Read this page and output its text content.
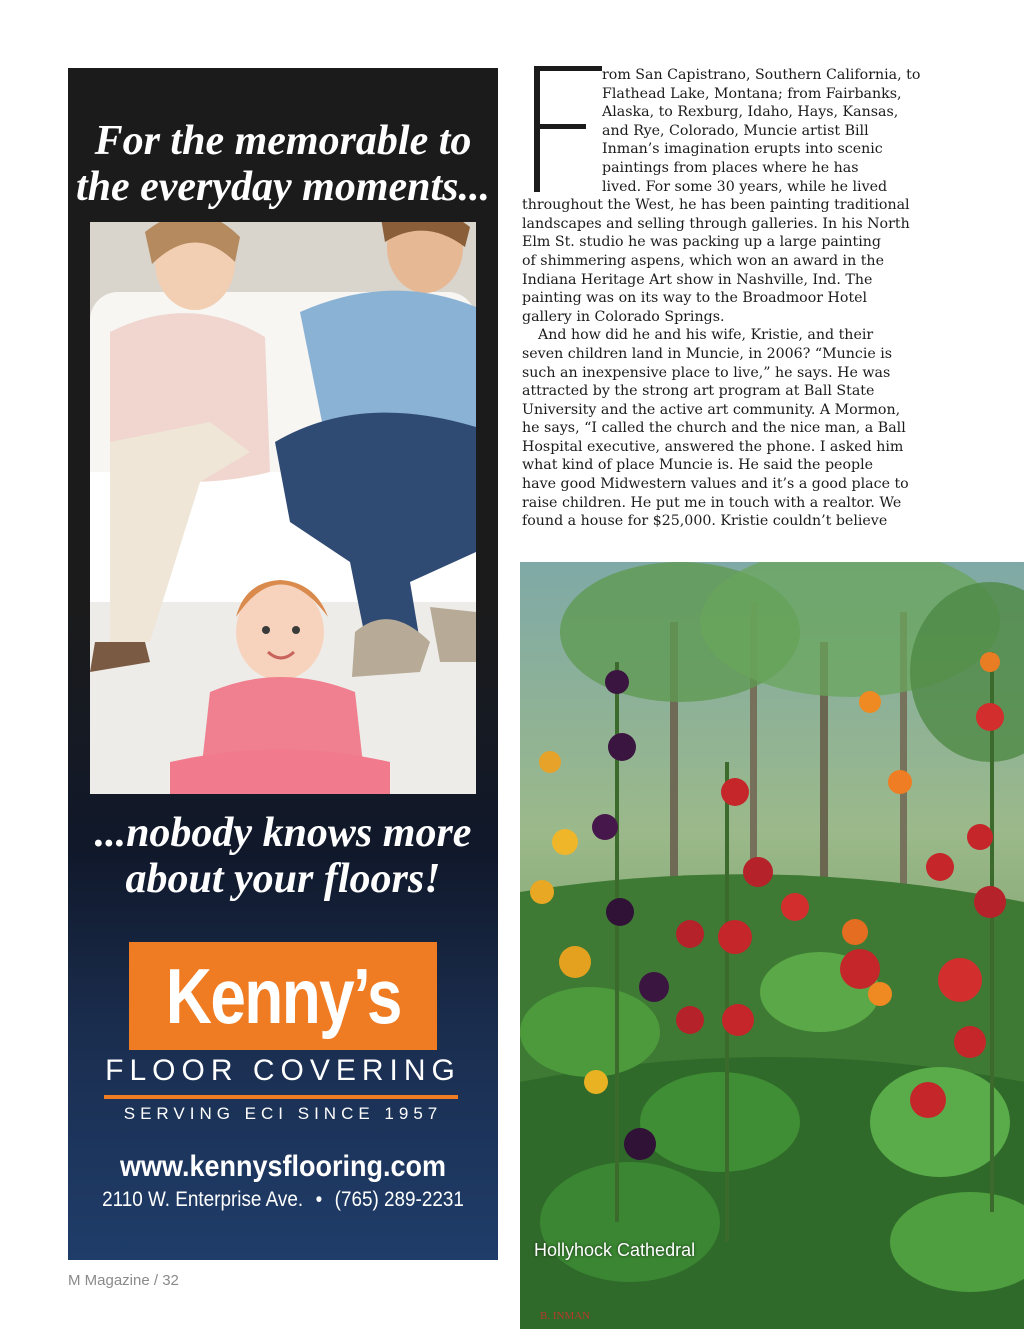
For the memorable to
the everyday moments...
...nobody knows more
about your floors!
Kenny’s
FLOOR COVERING
SERVING ECI SINCE 1957
www.kennysflooring.com
2110 W. Enterprise Ave. • (765) 289-2231
M Magazine / 32
rom San Capistrano, Southern California, to
Flathead Lake, Montana; from Fairbanks,
Alaska, to Rexburg, Idaho, Hays, Kansas,
and Rye, Colorado, Muncie artist Bill
Inman’s imagination erupts into scenic
paintings from places where he has
lived. For some 30 years, while he lived
throughout the West, he has been painting traditional
landscapes and selling through galleries. In his North
Elm St. studio he was packing up a large painting
of shimmering aspens, which won an award in the
Indiana Heritage Art show in Nashville, Ind. The
painting was on its way to the Broadmoor Hotel
gallery in Colorado Springs.
And how did he and his wife, Kristie, and their
seven children land in Muncie, in 2006? “Muncie is
such an inexpensive place to live,” he says. He was
attracted by the strong art program at Ball State
University and the active art community. A Mormon,
he says, “I called the church and the nice man, a Ball
Hospital executive, answered the phone. I asked him
what kind of place Muncie is. He said the people
have good Midwestern values and it’s a good place to
raise children. He put me in touch with a realtor. We
found a house for $25,000. Kristie couldn’t believe
Hollyhock Cathedral
B. INMAN
